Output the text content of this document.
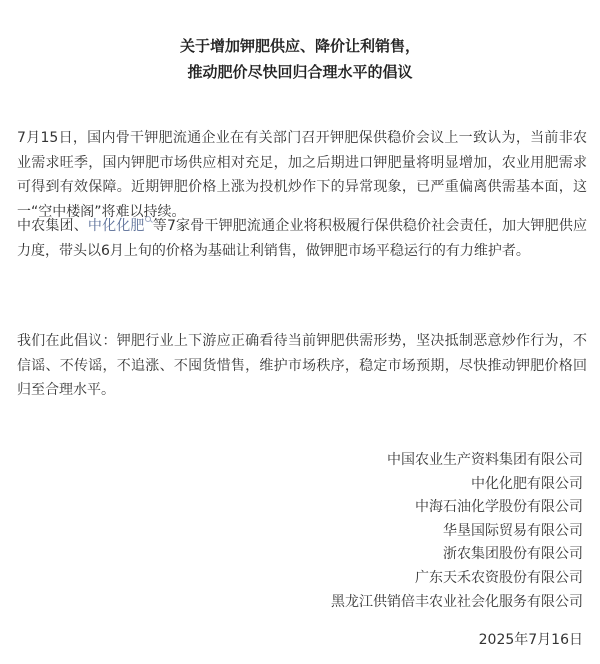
关于增加钾肥供应、降价让利销售，
推动肥价尽快回归合理水平的倡议

7月15日，国内骨干钾肥流通企业在有关部门召开钾肥保供稳价会议上一致认为，当前非农业需求旺季，国内钾肥市场供应相对充足，加之后期进口钾肥量将明显增加，农业用肥需求可得到有效保障。近期钾肥价格上涨为投机炒作下的异常现象，已严重偏离供需基本面，这一“空中楼阁”将难以持续。

中农集团、中化化肥 等7家骨干钾肥流通企业将积极履行保供稳价社会责任，加大钾肥供应力度，带头以6月上旬的价格为基础让利销售，做钾肥市场平稳运行的有力维护者。

我们在此倡议：钾肥行业上下游应正确看待当前钾肥供需形势，坚决抵制恶意炒作行为，不信谣、不传谣，不追涨、不囤货惜售，维护市场秩序，稳定市场预期，尽快推动钾肥价格回归至合理水平。

中国农业生产资料集团有限公司
中化化肥有限公司
中海石油化学股份有限公司
华垦国际贸易有限公司
浙农集团股份有限公司
广东天禾农资股份有限公司
黑龙江供销倍丰农业社会化服务有限公司
2025年7月16日
